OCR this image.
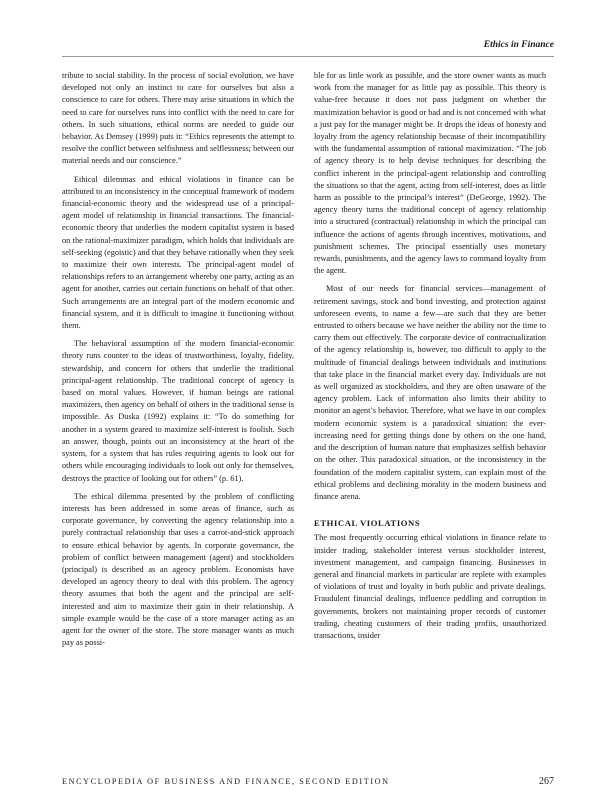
Ethics in Finance

tribute to social stability. In the process of social evolution, we have developed not only an instinct to care for ourselves but also a conscience to care for others. There may arise situations in which the need to care for ourselves runs into conflict with the need to care for others. In such situations, ethical norms are needed to guide our behavior. As Demsey (1999) puts it: “Ethics represents the attempt to resolve the conflict between selfishness and selflessness; between our material needs and our conscience.”

Ethical dilemmas and ethical violations in finance can be attributed to an inconsistency in the conceptual framework of modern financial-economic theory and the widespread use of a principal-agent model of relationship in financial transactions. The financial-economic theory that underlies the modern capitalist system is based on the rational-maximizer paradigm, which holds that individuals are self-seeking (egoistic) and that they behave rationally when they seek to maximize their own interests. The principal-agent model of relationships refers to an arrangement whereby one party, acting as an agent for another, carries out certain functions on behalf of that other. Such arrangements are an integral part of the modern economic and financial system, and it is difficult to imagine it functioning without them.

The behavioral assumption of the modern financial-economic theory runs counter to the ideas of trustworthiness, loyalty, fidelity, stewardship, and concern for others that underlie the traditional principal-agent relationship. The traditional concept of agency is based on moral values. However, if human beings are rational maximizers, then agency on behalf of others in the traditional sense is impossible. As Duska (1992) explains it: “To do something for another in a system geared to maximize self-interest is foolish. Such an answer, though, points out an inconsistency at the heart of the system, for a system that has rules requiring agents to look out for others while encouraging individuals to look out only for themselves, destroys the practice of looking out for others” (p. 61).

The ethical dilemma presented by the problem of conflicting interests has been addressed in some areas of finance, such as corporate governance, by converting the agency relationship into a purely contractual relationship that uses a carrot-and-stick approach to ensure ethical behavior by agents. In corporate governance, the problem of conflict between management (agent) and stockholders (principal) is described as an agency problem. Economists have developed an agency theory to deal with this problem. The agency theory assumes that both the agent and the principal are self-interested and aim to maximize their gain in their relationship. A simple example would be the case of a store manager acting as an agent for the owner of the store. The store manager wants as much pay as possi-

ble for as little work as possible, and the store owner wants as much work from the manager for as little pay as possible. This theory is value-free because it does not pass judgment on whether the maximization behavior is good or bad and is not concerned with what a just pay for the manager might be. It drops the ideas of honesty and loyalty from the agency relationship because of their incompatibility with the fundamental assumption of rational maximization. “The job of agency theory is to help devise techniques for describing the conflict inherent in the principal-agent relationship and controlling the situations so that the agent, acting from self-interest, does as little harm as possible to the principal’s interest” (DeGeorge, 1992). The agency theory turns the traditional concept of agency relationship into a structured (contractual) relationship in which the principal can influence the actions of agents through incentives, motivations, and punishment schemes. The principal essentially uses monetary rewards, punishments, and the agency laws to command loyalty from the agent.

Most of our needs for financial services—management of retirement savings, stock and bond investing, and protection against unforeseen events, to name a few—are such that they are better entrusted to others because we have neither the ability nor the time to carry them out effectively. The corporate device of contractualization of the agency relationship is, however, too difficult to apply to the multitude of financial dealings between individuals and institutions that take place in the financial market every day. Individuals are not as well organized as stockholders, and they are often unaware of the agency problem. Lack of information also limits their ability to monitor an agent’s behavior. Therefore, what we have in our complex modern economic system is a paradoxical situation: the ever-increasing need for getting things done by others on the one hand, and the description of human nature that emphasizes selfish behavior on the other. This paradoxical situation, or the inconsistency in the foundation of the modern capitalist system, can explain most of the ethical problems and declining morality in the modern business and finance arena.

ETHICAL VIOLATIONS

The most frequently occurring ethical violations in finance relate to insider trading, stakeholder interest versus stockholder interest, investment management, and campaign financing. Businesses in general and financial markets in particular are replete with examples of violations of trust and loyalty in both public and private dealings. Fraudulent financial dealings, influence peddling and corruption in governments, brokers not maintaining proper records of customer trading, cheating customers of their trading profits, unauthorized transactions, insider

ENCYCLOPEDIA OF BUSINESS AND FINANCE, SECOND EDITION	267
